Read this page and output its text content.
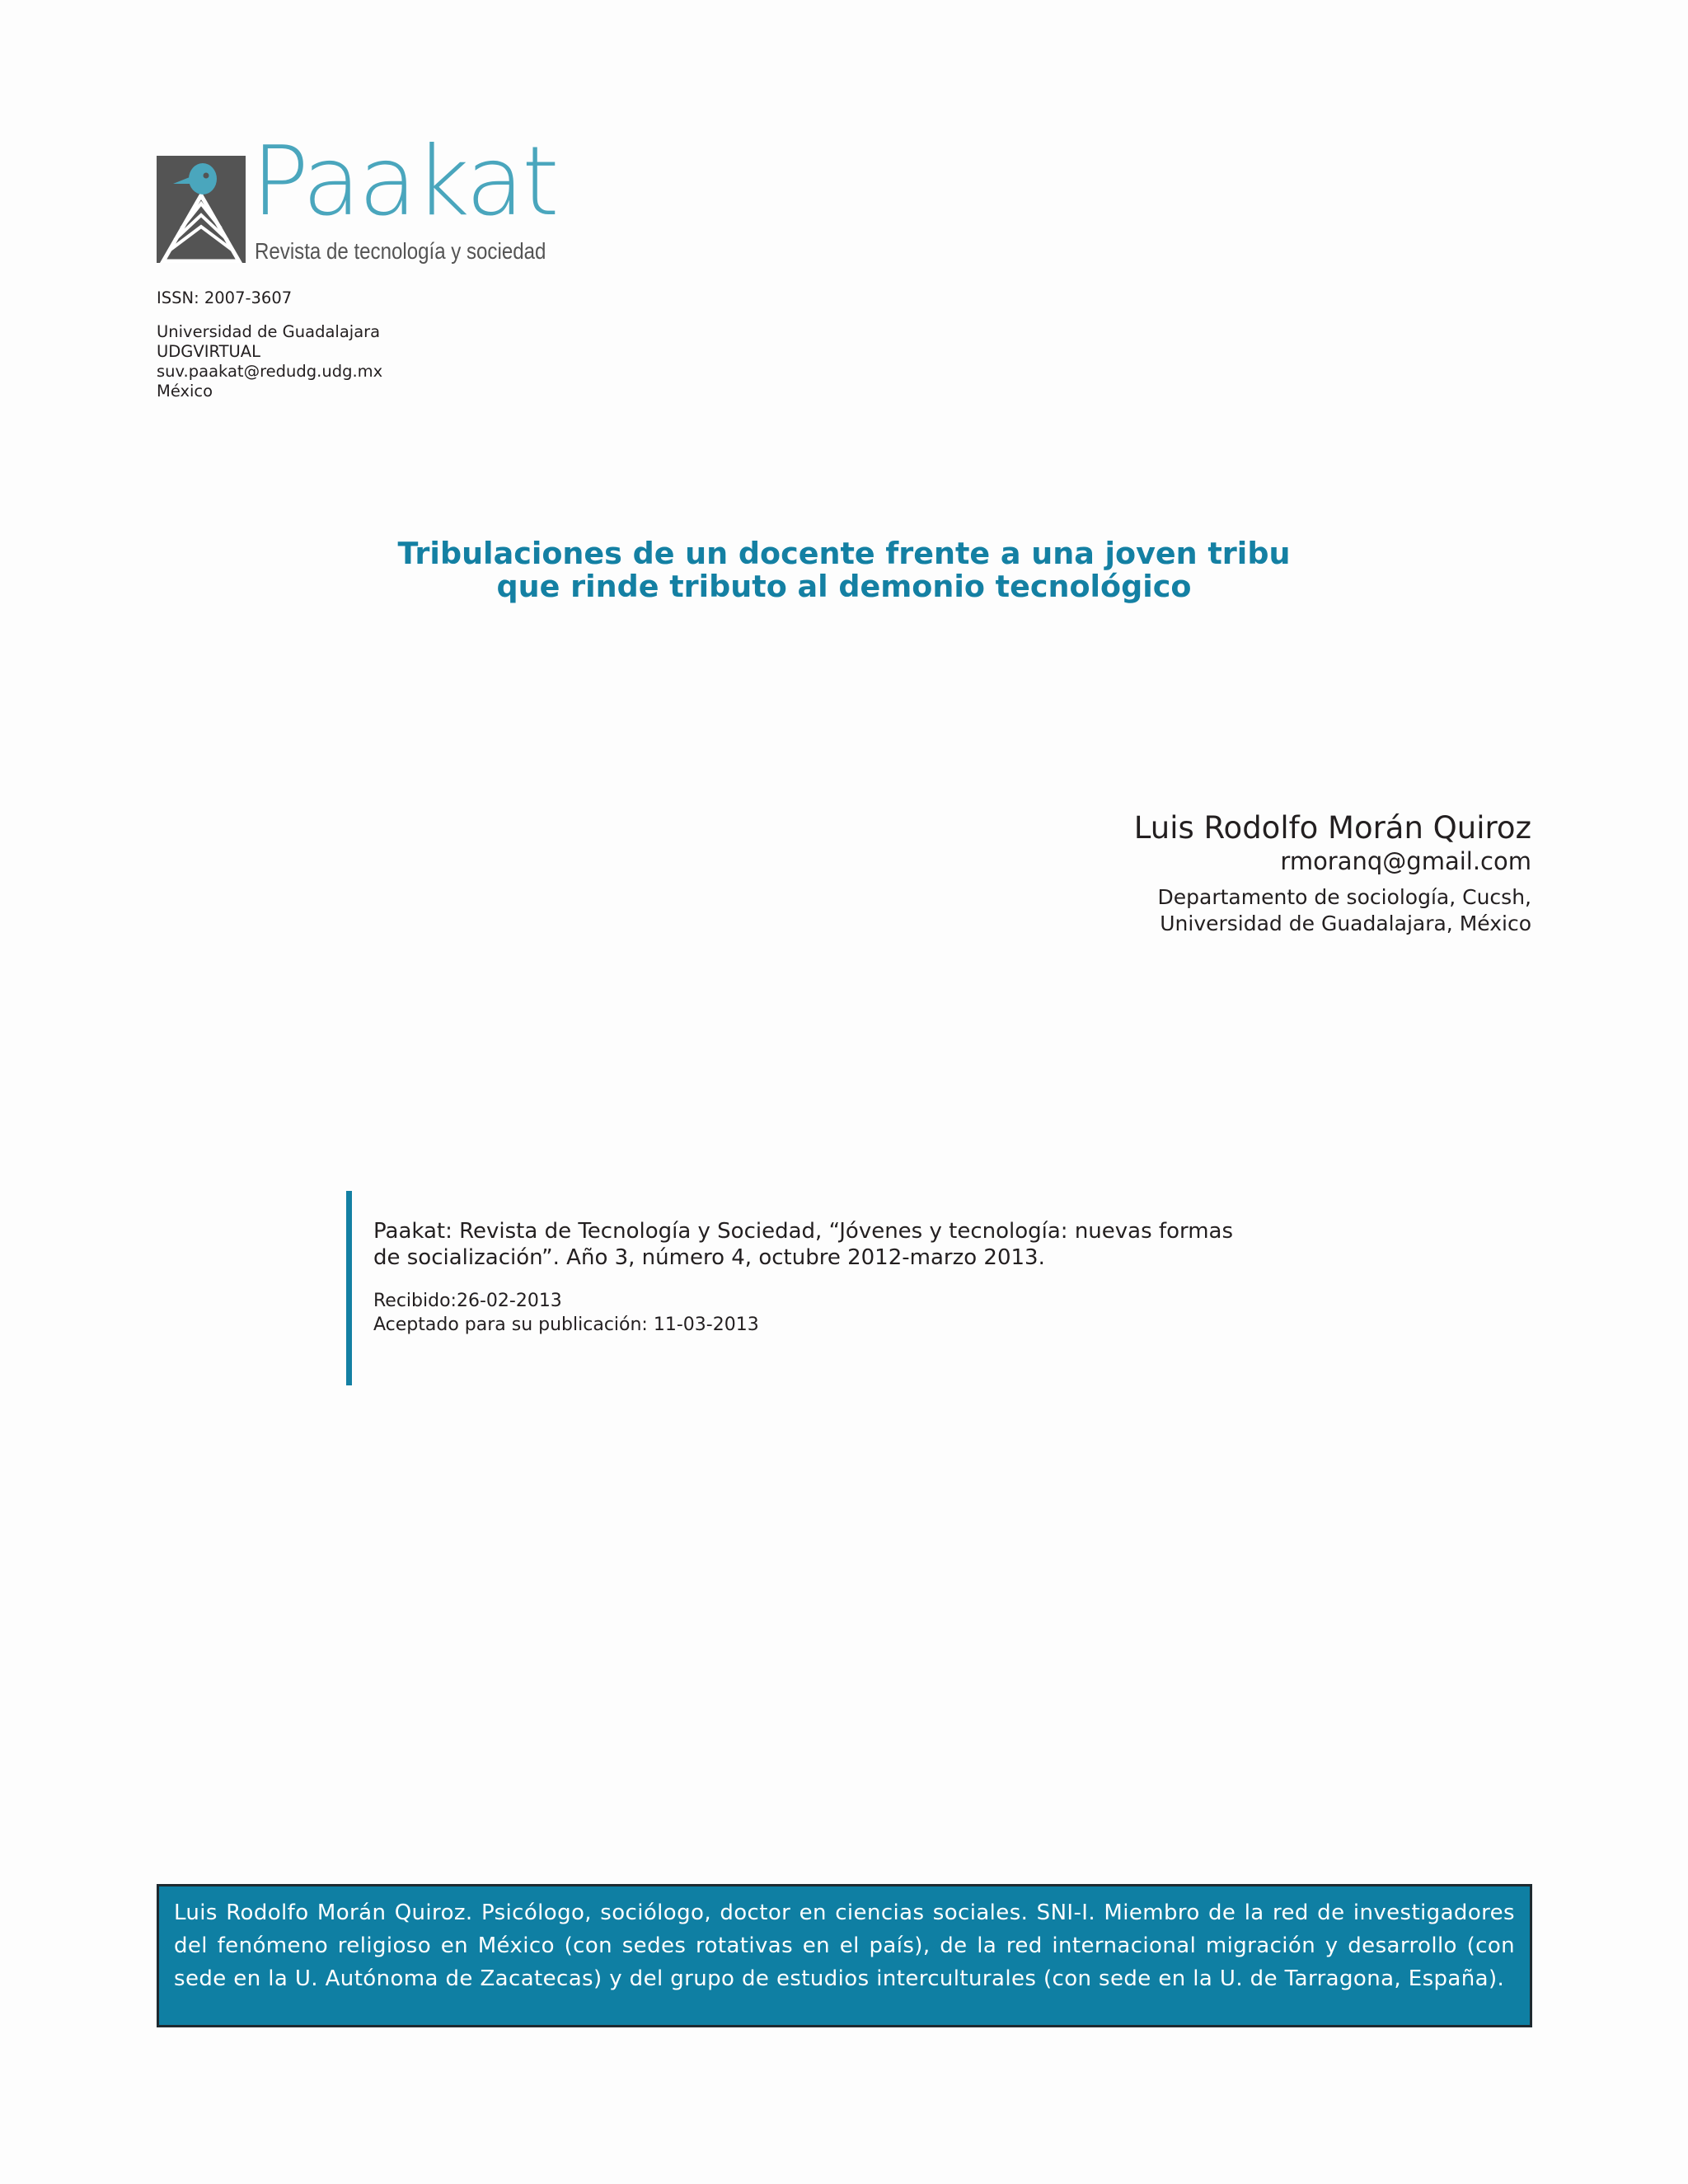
Paakat
Revista de tecnología y sociedad
ISSN: 2007-3607
Universidad de Guadalajara
UDGVIRTUAL
suv.paakat@redudg.udg.mx
México
Tribulaciones de un docente frente a una joven tribu
que rinde tributo al demonio tecnológico
Luis Rodolfo Morán Quiroz
rmoranq@gmail.com
Departamento de sociología, Cucsh,
Universidad de Guadalajara, México
Paakat: Revista de Tecnología y Sociedad, “Jóvenes y tecnología: nuevas formas
de socialización”. Año 3, número 4, octubre 2012-marzo 2013.
Recibido:26-02-2013
Aceptado para su publicación: 11-03-2013
Luis Rodolfo Morán Quiroz. Psicólogo, sociólogo, doctor en ciencias sociales. SNI-I. Miembro de la red de investigadores del fenómeno religioso en México (con sedes rotativas en el país), de la red internacional migración y desarrollo (con sede en la U. Autónoma de Zacatecas) y del grupo de estudios interculturales (con sede en la U. de Tarragona, España).
